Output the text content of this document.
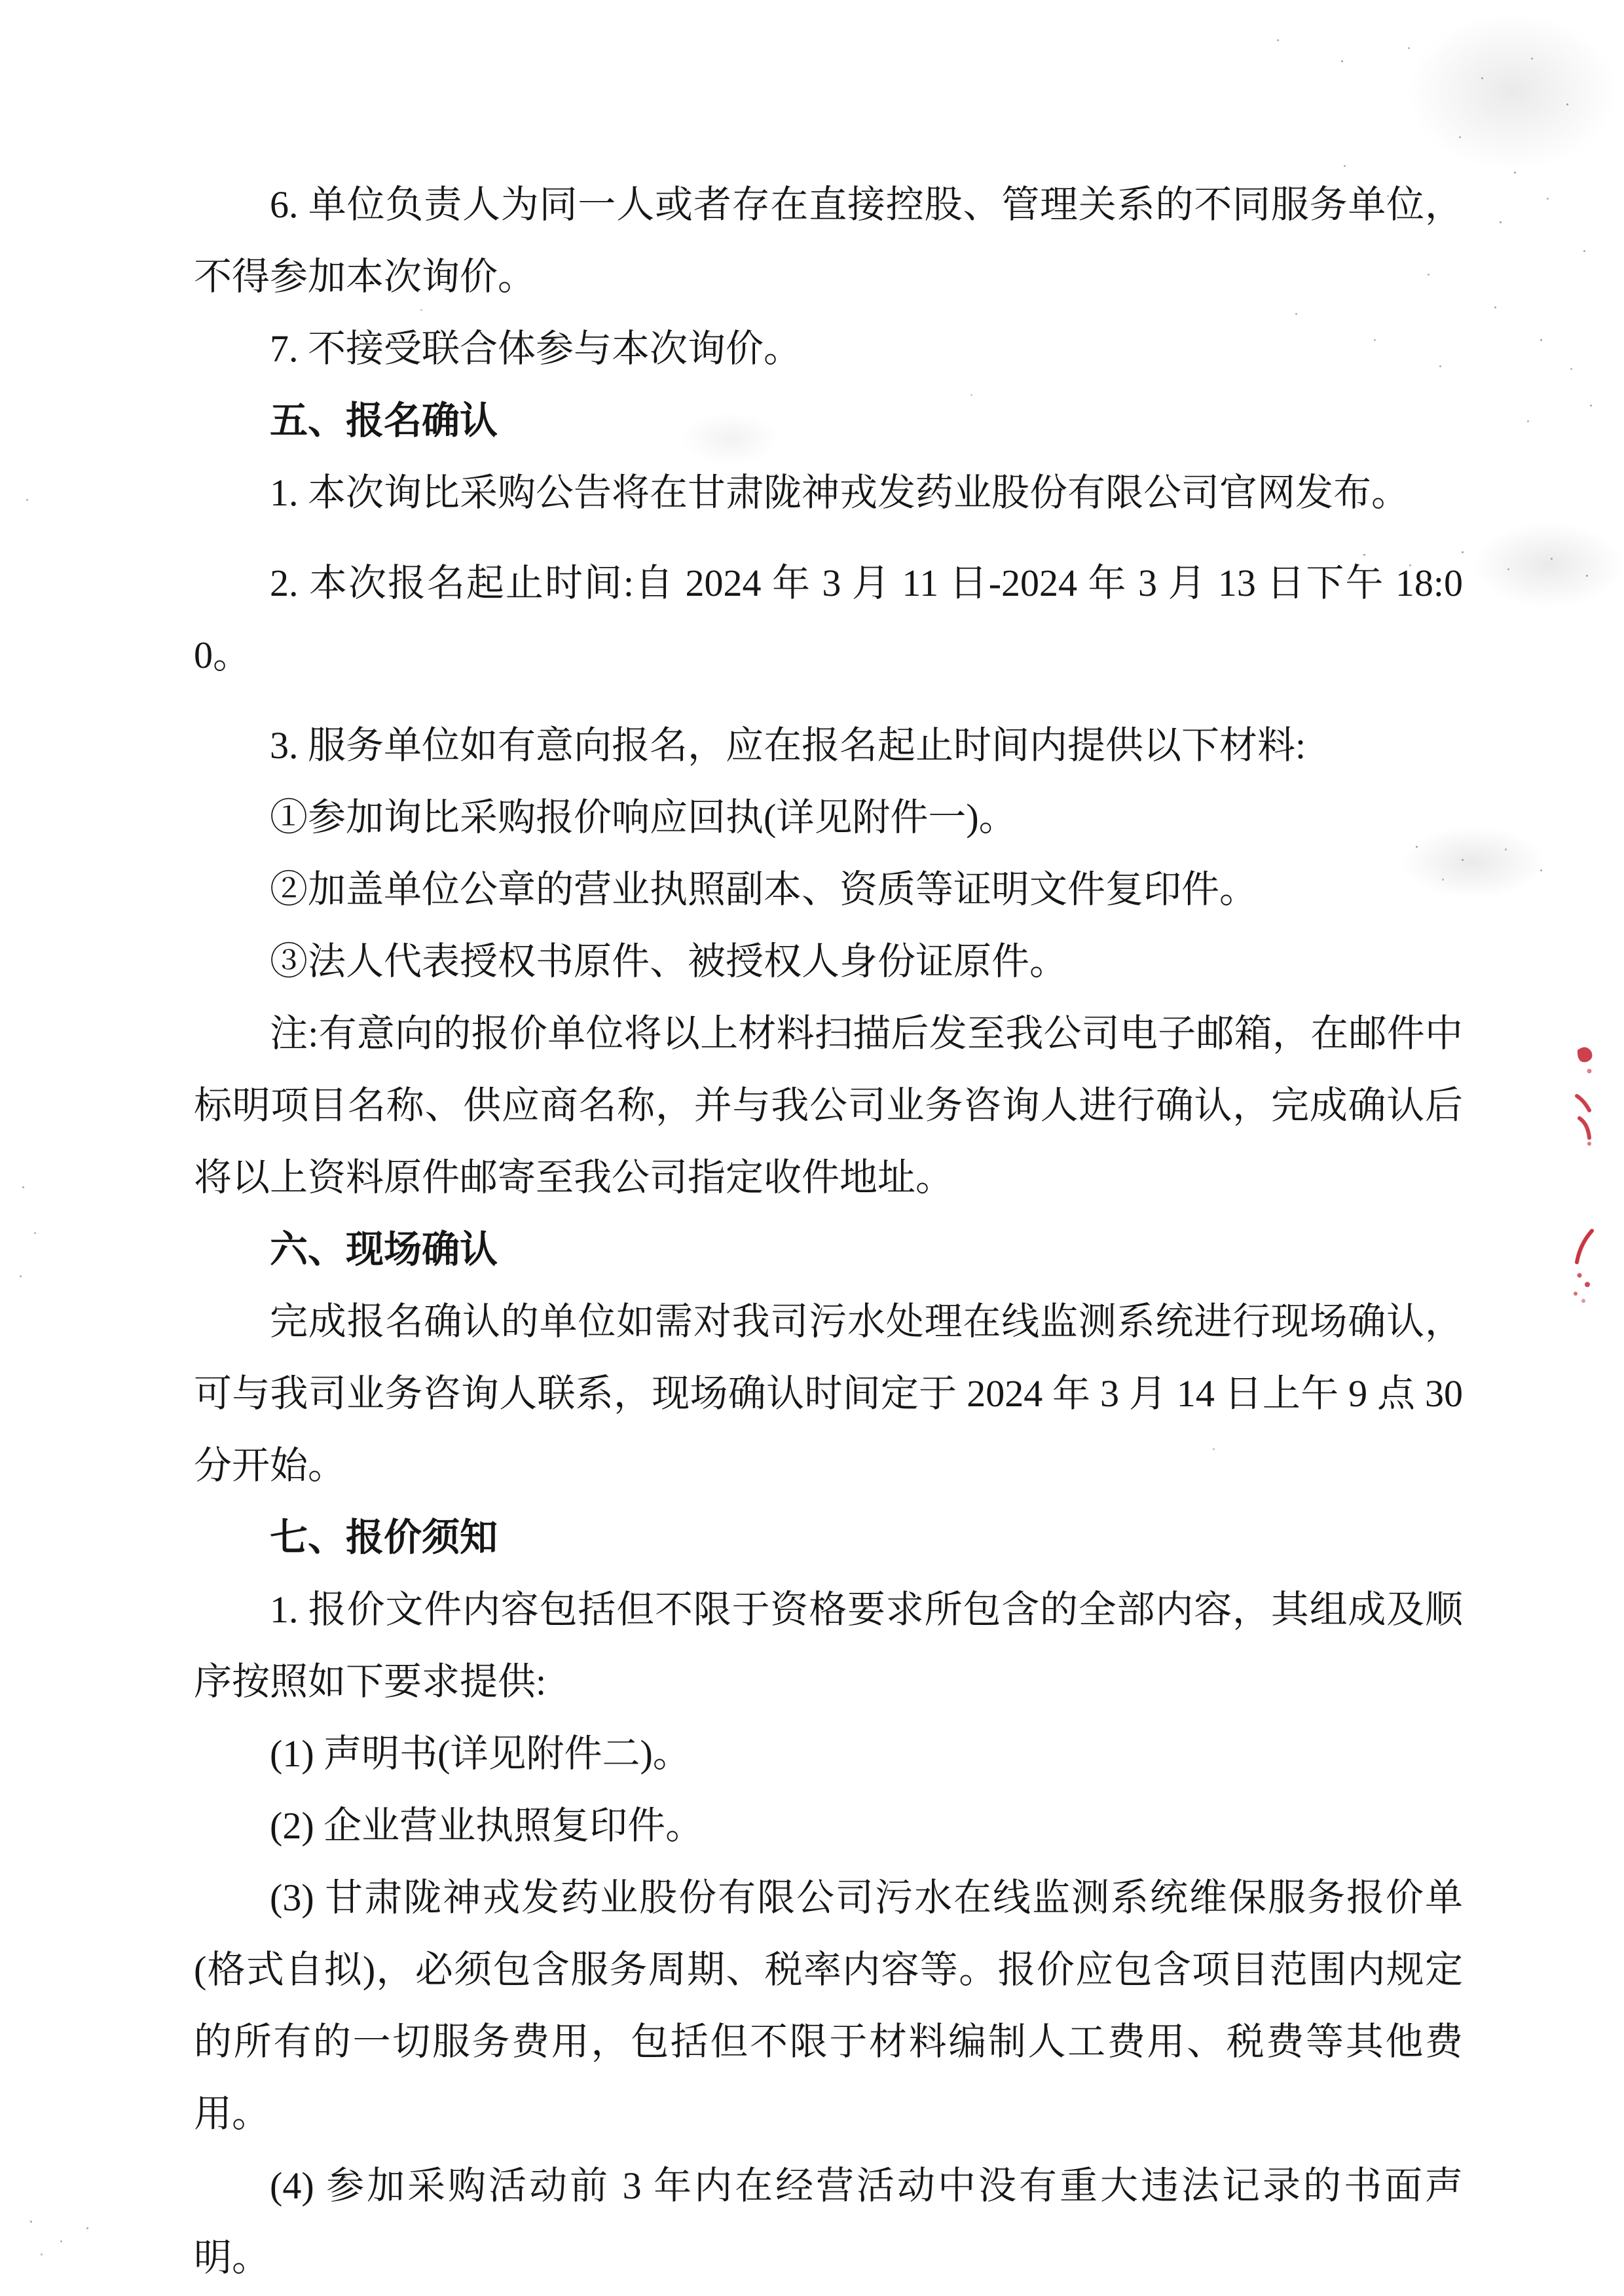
6. 单位负责人为同一人或者存在直接控股、管理关系的不同服务单位，不得参加本次询价。

7. 不接受联合体参与本次询价。

五、报名确认

1. 本次询比采购公告将在甘肃陇神戎发药业股份有限公司官网发布。

2. 本次报名起止时间:自 2024 年 3 月 11 日-2024 年 3 月 13 日下午 18:00。

3. 服务单位如有意向报名，应在报名起止时间内提供以下材料:

①参加询比采购报价响应回执(详见附件一)。

②加盖单位公章的营业执照副本、资质等证明文件复印件。

③法人代表授权书原件、被授权人身份证原件。

注:有意向的报价单位将以上材料扫描后发至我公司电子邮箱，在邮件中标明项目名称、供应商名称，并与我公司业务咨询人进行确认，完成确认后将以上资料原件邮寄至我公司指定收件地址。

六、现场确认

完成报名确认的单位如需对我司污水处理在线监测系统进行现场确认，可与我司业务咨询人联系，现场确认时间定于 2024 年 3 月 14 日上午 9 点 30 分开始。

七、报价须知

1. 报价文件内容包括但不限于资格要求所包含的全部内容，其组成及顺序按照如下要求提供:

(1) 声明书(详见附件二)。

(2) 企业营业执照复印件。

(3) 甘肃陇神戎发药业股份有限公司污水在线监测系统维保服务报价单(格式自拟)，必须包含服务周期、税率内容等。报价应包含项目范围内规定的所有的一切服务费用，包括但不限于材料编制人工费用、税费等其他费用。

(4) 参加采购活动前 3 年内在经营活动中没有重大违法记录的书面声明。
